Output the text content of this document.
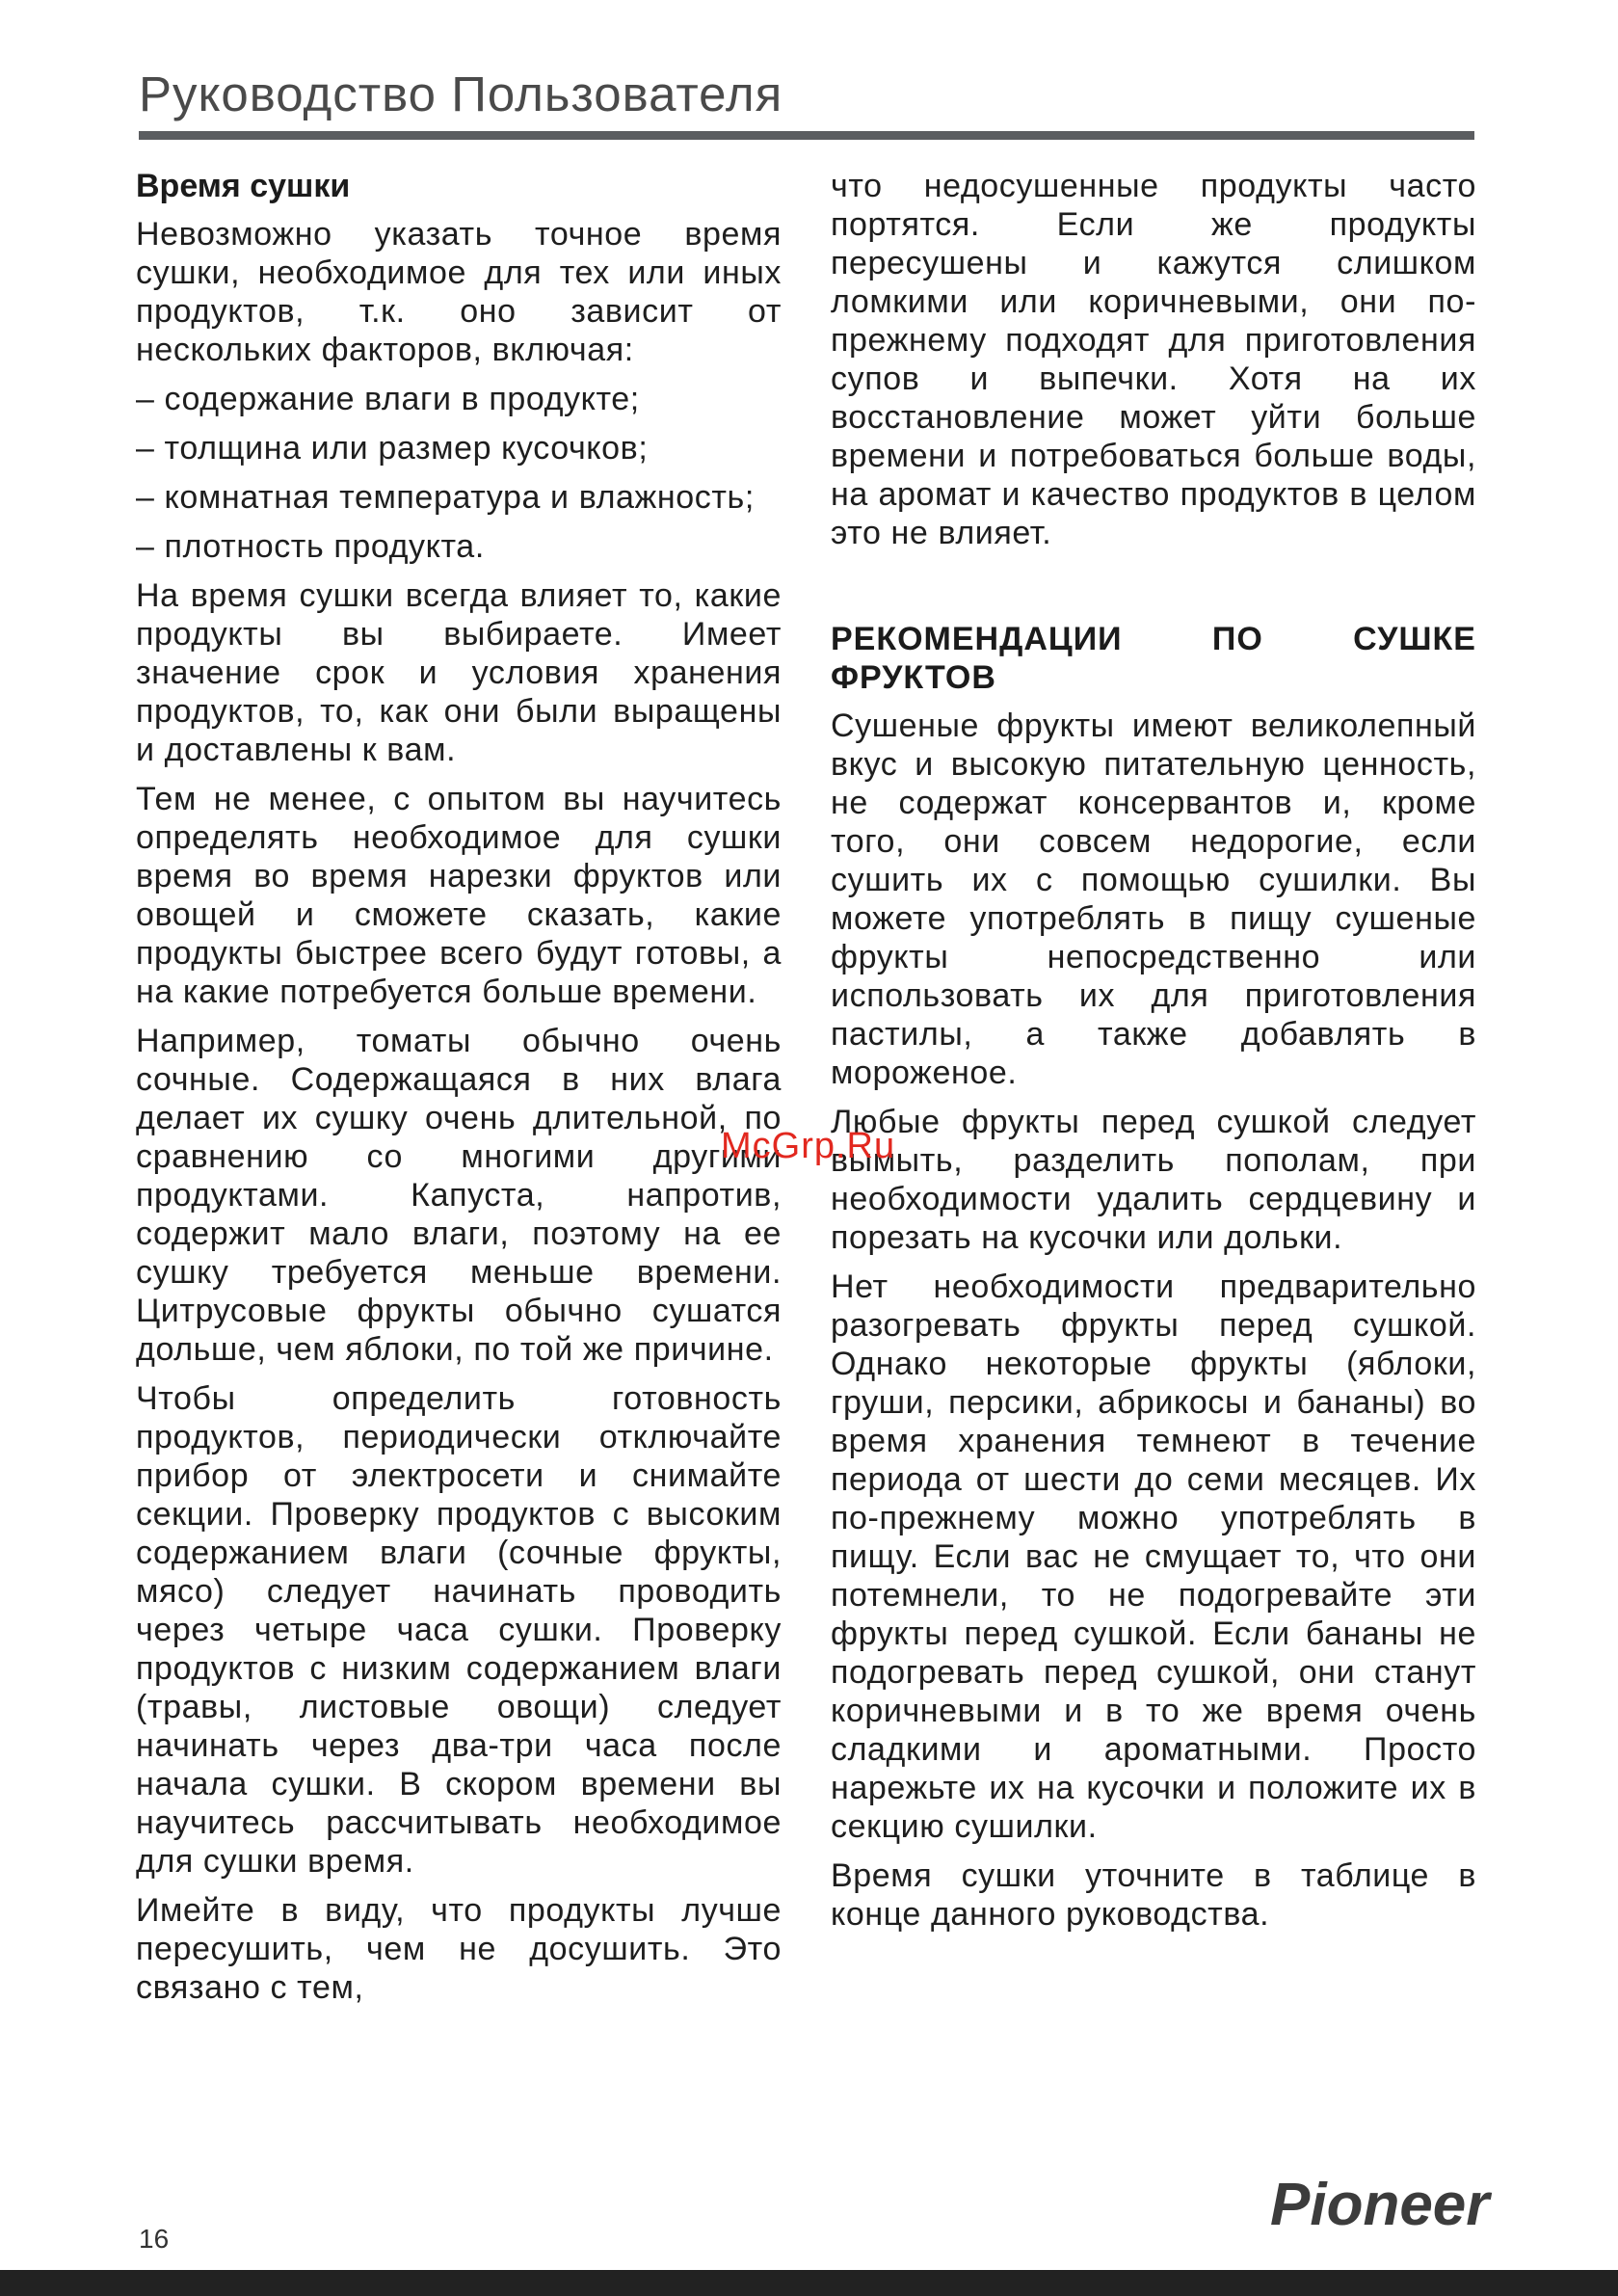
Руководство Пользователя
Время сушки

Невозможно указать точное время сушки, необходимое для тех или иных продуктов, т.к. оно зависит от нескольких факторов, включая:

– содержание влаги в продукте;

– толщина или размер кусочков;

– комнатная температура и влажность;

– плотность продукта.

На время сушки всегда влияет то, какие продукты вы выбираете. Имеет значение срок и условия хранения продуктов, то, как они были выращены и доставлены к вам.

Тем не менее, с опытом вы научитесь определять необходимое для сушки время во время нарезки фруктов или овощей и сможете сказать, какие продукты быстрее всего будут готовы, а на какие потребуется больше времени.

Например, томаты обычно очень сочные. Содержащаяся в них влага делает их сушку очень длительной, по сравнению со многими другими продуктами. Капуста, напротив, содержит мало влаги, поэтому на ее сушку требуется меньше времени. Цитрусовые фрукты обычно сушатся дольше, чем яблоки, по той же причине.

Чтобы определить готовность продуктов, периодически отключайте прибор от электросети и снимайте секции. Проверку продуктов с высоким содержанием влаги (сочные фрукты, мясо) следует начинать проводить через четыре часа сушки. Проверку продуктов с низким содержанием влаги (травы, листовые овощи) следует начинать через два-три часа после начала сушки. В скором времени вы научитесь рассчитывать необходимое для сушки время.

Имейте в виду, что продукты лучше пересушить, чем не досушить. Это связано с тем,

что недосушенные продукты часто портятся. Если же продукты пересушены и кажутся слишком ломкими или коричневыми, они по-прежнему подходят для приготовления супов и выпечки. Хотя на их восстановление может уйти больше времени и потребоваться больше воды, на аромат и качество продуктов в целом это не влияет.

РЕКОМЕНДАЦИИ ПО СУШКЕ ФРУКТОВ

Сушеные фрукты имеют великолепный вкус и высокую питательную ценность, не содержат консервантов и, кроме того, они совсем недорогие, если сушить их с помощью сушилки. Вы можете употреблять в пищу сушеные фрукты непосредственно или использовать их для приготовления пастилы, а также добавлять в мороженое.

Любые фрукты перед сушкой следует вымыть, разделить пополам, при необходимости удалить сердцевину и порезать на кусочки или дольки.

Нет необходимости предварительно разогревать фрукты перед сушкой. Однако некоторые фрукты (яблоки, груши, персики, абрикосы и бананы) во время хранения темнеют в течение периода от шести до семи месяцев. Их по-прежнему можно употреблять в пищу. Если вас не смущает то, что они потемнели, то не подогревайте эти фрукты перед сушкой. Если бананы не подогревать перед сушкой, они станут коричневыми и в то же время очень сладкими и ароматными. Просто нарежьте их на кусочки и положите их в секцию сушилки.

Время сушки уточните в таблице в конце данного руководства.

McGrp.Ru
16
Pioneer
